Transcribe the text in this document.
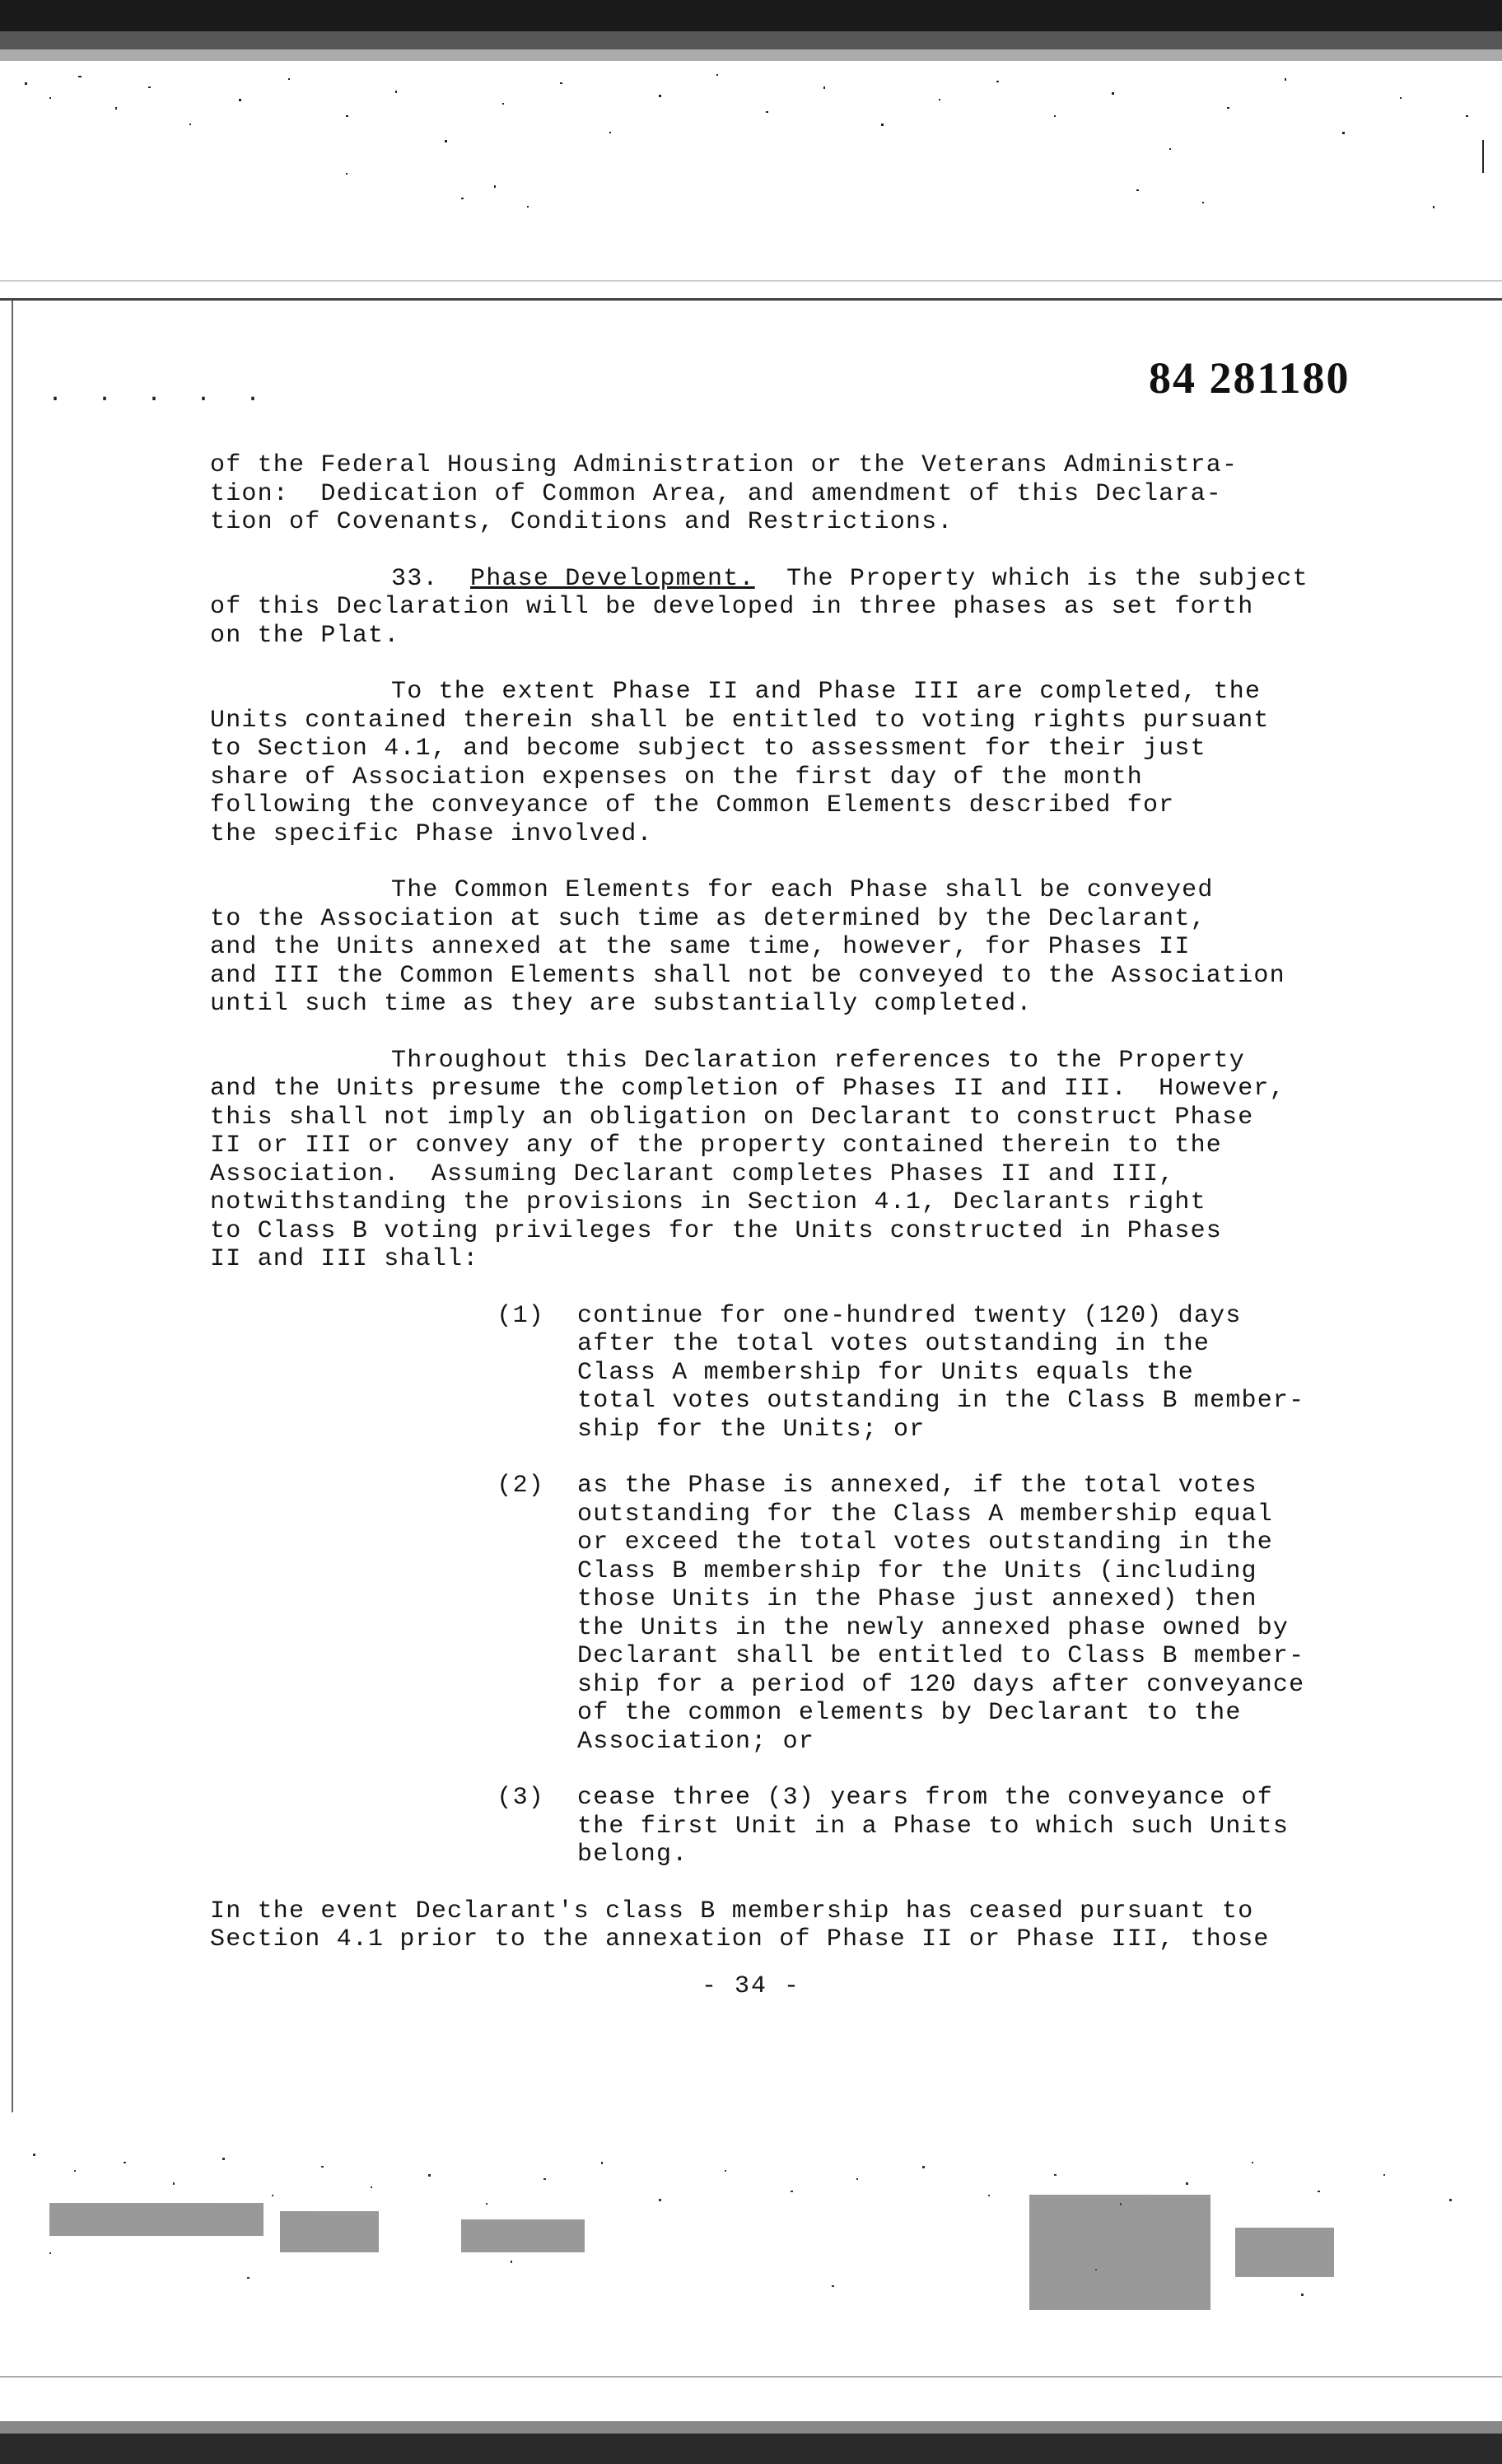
· · · · ·	84 281180

of the Federal Housing Administration or the Veterans Administra-
tion:  Dedication of Common Area, and amendment of this Declara-
tion of Covenants, Conditions and Restrictions.

33. Phase Development.  The Property which is the subject

of this Declaration will be developed in three phases as set forth
on the Plat.

To the extent Phase II and Phase III are completed, the

Units contained therein shall be entitled to voting rights pursuant
to Section 4.1, and become subject to assessment for their just
share of Association expenses on the first day of the month
following the conveyance of the Common Elements described for
the specific Phase involved.

The Common Elements for each Phase shall be conveyed

to the Association at such time as determined by the Declarant,
and the Units annexed at the same time, however, for Phases II
and III the Common Elements shall not be conveyed to the Association
until such time as they are substantially completed.

Throughout this Declaration references to the Property

and the Units presume the completion of Phases II and III.  However,
this shall not imply an obligation on Declarant to construct Phase
II or III or convey any of the property contained therein to the
Association.  Assuming Declarant completes Phases II and III,
notwithstanding the provisions in Section 4.1, Declarants right
to Class B voting privileges for the Units constructed in Phases
II and III shall:

(1)	continue for one-hundred twenty (120) days
after the total votes outstanding in the
Class A membership for Units equals the
total votes outstanding in the Class B member-
ship for the Units; or

(2)	as the Phase is annexed, if the total votes
outstanding for the Class A membership equal
or exceed the total votes outstanding in the
Class B membership for the Units (including
those Units in the Phase just annexed) then
the Units in the newly annexed phase owned by
Declarant shall be entitled to Class B member-
ship for a period of 120 days after conveyance
of the common elements by Declarant to the
Association; or

(3)	cease three (3) years from the conveyance of
the first Unit in a Phase to which such Units
belong.

In the event Declarant's class B membership has ceased pursuant to
Section 4.1 prior to the annexation of Phase II or Phase III, those

- 34 -
